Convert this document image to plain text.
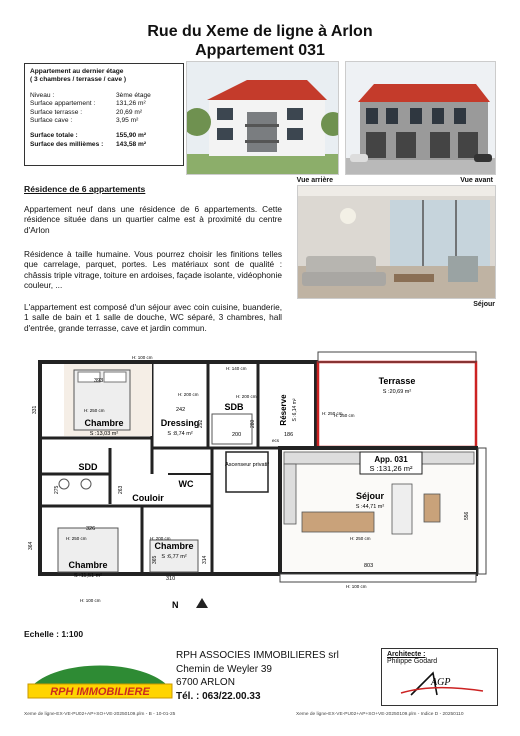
Rue du Xeme de ligne à Arlon
Appartement 031
Appartement au dernier étage
( 3 chambres / terrasse / cave )
Niveau :	3ème étage
Surface appartement :	131,26 m²
Surface terrasse :	20,69 m²
Surface cave :	3,95 m²
Surface totale :	155,90 m²
Surface des millièmes :	143,58 m²
Vue arrière	Vue avant
Séjour
Résidence de 6 appartements
Appartement neuf dans une résidence de 6 appartements. Cette résidence située dans un quartier calme est à proximité du centre d'Arlon
Résidence à taille humaine. Vous pourrez choisir les finitions telles que carrelage, parquet, portes. Les matériaux sont de qualité : châssis triple vitrage, toiture en ardoises, façade isolante, vidéophonie couleur, ...
L'appartement est composé d'un séjour avec coin cuisine, buanderie, 1 salle de bain et 1 salle de douche, WC séparé, 3 chambres, hall d'entrée, grande terrasse, cave et jardin commun.
Chambre
S :13,03 m²
Dressing
S :8,74 m²
SDB	Réserve S :6,14 m²
Terrasse
S :20,69 m²
SDD	Ascenseur privatif
WC
Couloir	Séjour
S :44,71 m²
Chambre
S :6,77 m²
Chambre
S :11,51 m²
App. 031
S :131,26 m²
H: 100 cm
H: 140 cm
H: 200 cm
H: 250 cm
H: 200 cm
H: 250 cm
H: 250 cm	H: 200 cm	H: 250 cm
H: 100 cm
H: 100 cm
393
242
200	186
326
310
803
364
556
365
331
275
292	280
263
314
ecs
H: 250 cm
N
Echelle : 1:100
RPH IMMOBILIERE
RPH ASSOCIES IMMOBILIERES srl
Chemin de Weyler 39
6700 ARLON
Tél. : 063/22.00.33
Architecte :
Philippe Godard
AGP
Xeme de ligne-EX-VE-PU02+AP+SO+VE-20250109.plm - B - 10-01-25	Xeme de ligne-EX-VE-PU02+AP+SO+VE-20250109.plm - Indice D - 20250110
